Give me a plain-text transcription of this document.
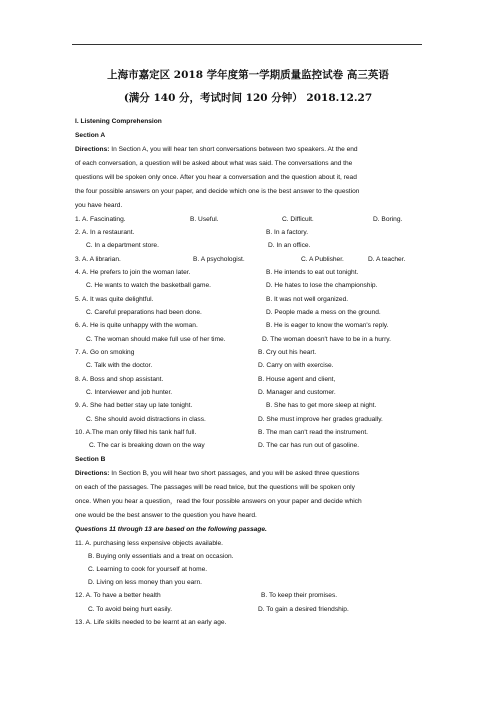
上海市嘉定区 2018 学年度第一学期质量监控试卷 高三英语
(满分 140 分，考试时间 120 分钟） 2018.12.27
I. Listening Comprehension
Section A
Directions: In Section A, you will hear ten short conversations between two speakers. At the end
of each conversation, a question will be asked about what was said. The conversations and the
questions will be spoken only once. After you hear a conversation and the question about it, read
the four possible answers on your paper, and decide which one is the best answer to the question
you have heard.
1. A. Fascinating.	B. Useful.	C. Difficult.	D. Boring.
2. A. In a restaurant.	B. In a factory.
C. In a department store.	D. In an office.
3. A. A librarian.	B. A psychologist.	C. A Publisher.	D. A teacher.
4. A. He prefers to join the woman later.	B. He intends to eat out tonight.
C. He wants to watch the basketball game.	D. He hates to lose the championship.
5. A. It was quite delightful.	B. It was not well organized.
C. Careful preparations had been done.	D. People made a mess on the ground.
6. A. He is quite unhappy with the woman.	B. He is eager to know the woman's reply.
C. The woman should make full use of her time.	D. The woman doesn't have to be in a hurry.
7. A. Go on smoking	B. Cry out his heart.
C. Talk with the doctor.	D. Carry on with exercise.
8. A. Boss and shop assistant.	B. House agent and client,
C. Interviewer and job hunter.	D. Manager and customer.
9. A. She had better stay up late tonight.	B. She has to get more sleep at night.
C. She should avoid distractions in class.	D. She must improve her grades gradually.
10. A.The man only filled his tank half full.	B. The man can't read the instrument.
C. The car is breaking down on the way	D. The car has run out of gasoline.
Section B
Directions: In Section B, you will hear two short passages, and you will be asked three questions
on each of the passages. The passages will be read twice, but the questions will be spoken only
once. When you hear a question，read the four possible answers on your paper and decide which
one would be the best answer to the question you have heard.
Questions 11 through 13 are based on the following passage.
11. A. purchasing less expensive objects available.
B. Buying only essentials and a treat on occasion.
C. Learning to cook for yourself at home.
D. Living on less money than you earn.
12. A. To have a better health	B. To keep their promises.
C. To avoid being hurt easily.	D. To gain a desired friendship.
13. A. Life skills needed to be learnt at an early age.
